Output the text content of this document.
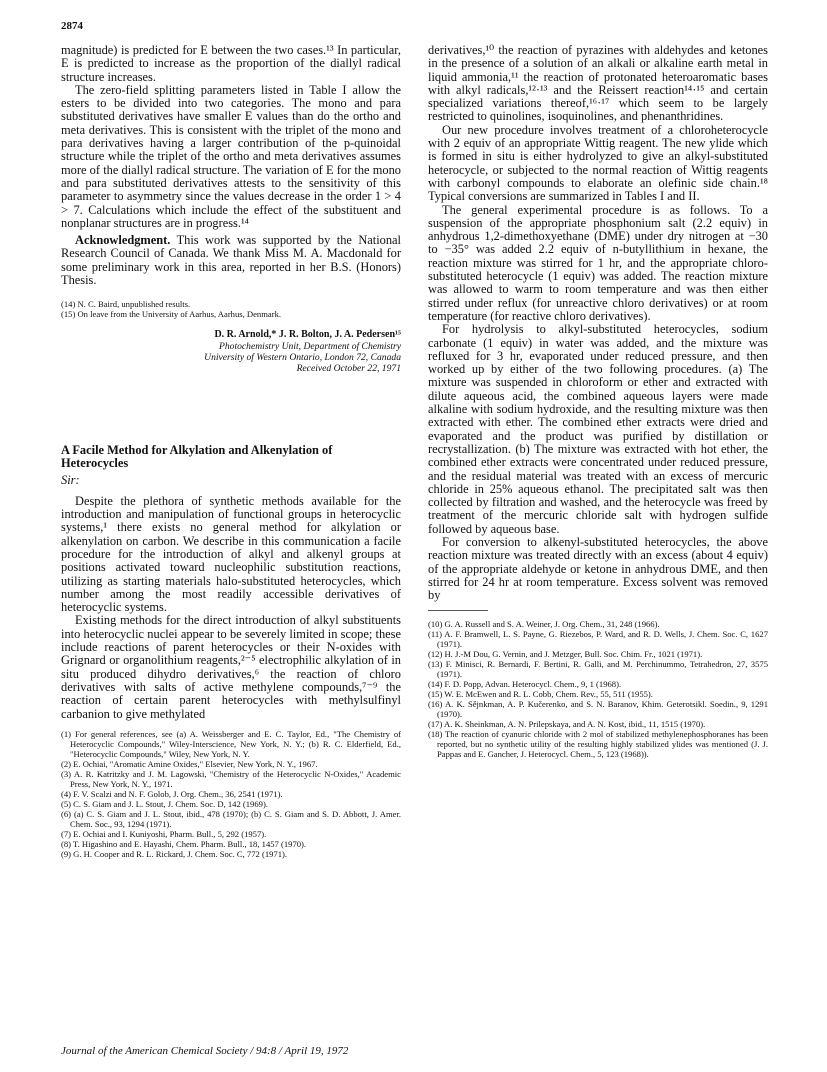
2874

magnitude) is predicted for E between the two cases.¹³ In particular, E is predicted to increase as the proportion of the diallyl radical structure increases.

The zero-field splitting parameters listed in Table I allow the esters to be divided into two categories. The mono and para substituted derivatives have smaller E values than do the ortho and meta derivatives. This is consistent with the triplet of the mono and para derivatives having a larger contribution of the p-quinoidal structure while the triplet of the ortho and meta derivatives assumes more of the diallyl radical structure. The variation of E for the mono and para substituted derivatives attests to the sensitivity of this parameter to asymmetry since the values decrease in the order 1 > 4 > 7. Calculations which include the effect of the substituent and nonplanar structures are in progress.¹⁴

Acknowledgment. This work was supported by the National Research Council of Canada. We thank Miss M. A. Macdonald for some preliminary work in this area, reported in her B.S. (Honors) Thesis.

(14) N. C. Baird, unpublished results.
(15) On leave from the University of Aarhus, Aarhus, Denmark.
D. R. Arnold,* J. R. Bolton, J. A. Pedersen¹⁵
Photochemistry Unit, Department of Chemistry
University of Western Ontario, London 72, Canada
Received October 22, 1971
A Facile Method for Alkylation and Alkenylation of Heterocycles
Sir:

Despite the plethora of synthetic methods available for the introduction and manipulation of functional groups in heterocyclic systems,¹ there exists no general method for alkylation or alkenylation on carbon. We describe in this communication a facile procedure for the introduction of alkyl and alkenyl groups at positions activated toward nucleophilic substitution reactions, utilizing as starting materials halo-substituted heterocycles, which number among the most readily accessible derivatives of heterocyclic systems.

Existing methods for the direct introduction of alkyl substituents into heterocyclic nuclei appear to be severely limited in scope; these include reactions of parent heterocycles or their N-oxides with Grignard or organolithium reagents,²⁻⁵ electrophilic alkylation of in situ produced dihydro derivatives,⁶ the reaction of chloro derivatives with salts of active methylene compounds,⁷⁻⁹ the reaction of certain parent heterocycles with methylsulfinyl carbanion to give methylated

(1) For general references, see (a) A. Weissberger and E. C. Taylor, Ed., "The Chemistry of Heterocyclic Compounds," Wiley-Interscience, New York, N. Y.; (b) R. C. Elderfield, Ed., "Heterocyclic Compounds," Wiley, New York, N. Y.
(2) E. Ochiai, "Aromatic Amine Oxides," Elsevier, New York, N. Y., 1967.
(3) A. R. Katritzky and J. M. Lagowski, "Chemistry of the Heterocyclic N-Oxides," Academic Press, New York, N. Y., 1971.
(4) F. V. Scalzi and N. F. Golob, J. Org. Chem., 36, 2541 (1971).
(5) C. S. Giam and J. L. Stout, J. Chem. Soc. D, 142 (1969).
(6) (a) C. S. Giam and J. L. Stout, ibid., 478 (1970); (b) C. S. Giam and S. D. Abbott, J. Amer. Chem. Soc., 93, 1294 (1971).
(7) E. Ochiai and I. Kuniyoshi, Pharm. Bull., 5, 292 (1957).
(8) T. Higashino and E. Hayashi, Chem. Pharm. Bull., 18, 1457 (1970).
(9) G. H. Cooper and R. L. Rickard, J. Chem. Soc. C, 772 (1971).

derivatives,¹⁰ the reaction of pyrazines with aldehydes and ketones in the presence of a solution of an alkali or alkaline earth metal in liquid ammonia,¹¹ the reaction of protonated heteroaromatic bases with alkyl radicals,¹²·¹³ and the Reissert reaction¹⁴·¹⁵ and certain specialized variations thereof,¹⁶·¹⁷ which seem to be largely restricted to quinolines, isoquinolines, and phenanthridines.

Our new procedure involves treatment of a chloroheterocycle with 2 equiv of an appropriate Wittig reagent. The new ylide which is formed in situ is either hydrolyzed to give an alkyl-substituted heterocycle, or subjected to the normal reaction of Wittig reagents with carbonyl compounds to elaborate an olefinic side chain.¹⁸ Typical conversions are summarized in Tables I and II.

The general experimental procedure is as follows. To a suspension of the appropriate phosphonium salt (2.2 equiv) in anhydrous 1,2-dimethoxyethane (DME) under dry nitrogen at −30 to −35° was added 2.2 equiv of n-butyllithium in hexane, the reaction mixture was stirred for 1 hr, and the appropriate chloro-substituted heterocycle (1 equiv) was added. The reaction mixture was allowed to warm to room temperature and was then either stirred under reflux (for unreactive chloro derivatives) or at room temperature (for reactive chloro derivatives).

For hydrolysis to alkyl-substituted heterocycles, sodium carbonate (1 equiv) in water was added, and the mixture was refluxed for 3 hr, evaporated under reduced pressure, and then worked up by either of the two following procedures. (a) The mixture was suspended in chloroform or ether and extracted with dilute aqueous acid, the combined aqueous layers were made alkaline with sodium hydroxide, and the resulting mixture was then extracted with ether. The combined ether extracts were dried and evaporated and the product was purified by distillation or recrystallization. (b) The mixture was extracted with hot ether, the combined ether extracts were concentrated under reduced pressure, and the residual material was treated with an excess of mercuric chloride in 25% aqueous ethanol. The precipitated salt was then collected by filtration and washed, and the heterocycle was freed by treatment of the mercuric chloride salt with hydrogen sulfide followed by aqueous base.

For conversion to alkenyl-substituted heterocycles, the above reaction mixture was treated directly with an excess (about 4 equiv) of the appropriate aldehyde or ketone in anhydrous DME, and then stirred for 24 hr at room temperature. Excess solvent was removed by

(10) G. A. Russell and S. A. Weiner, J. Org. Chem., 31, 248 (1966).
(11) A. F. Bramwell, L. S. Payne, G. Riezebos, P. Ward, and R. D. Wells, J. Chem. Soc. C, 1627 (1971).
(12) H. J.-M Dou, G. Vernin, and J. Metzger, Bull. Soc. Chim. Fr., 1021 (1971).
(13) F. Minisci, R. Bernardi, F. Bertini, R. Galli, and M. Perchinummo, Tetrahedron, 27, 3575 (1971).
(14) F. D. Popp, Advan. Heterocycl. Chem., 9, 1 (1968).
(15) W. E. McEwen and R. L. Cobb, Chem. Rev., 55, 511 (1955).
(16) A. K. Sějnkman, A. P. Kučerenko, and S. N. Baranov, Khim. Geterotsikl. Soedin., 9, 1291 (1970).
(17) A. K. Sheinkman, A. N. Prilepskaya, and A. N. Kost, ibid., 11, 1515 (1970).
(18) The reaction of cyanuric chloride with 2 mol of stabilized methylenephosphoranes has been reported, but no synthetic utility of the resulting highly stabilized ylides was mentioned (J. J. Pappas and E. Gancher, J. Heterocycl. Chem., 5, 123 (1968)).
Journal of the American Chemical Society / 94:8 / April 19, 1972
